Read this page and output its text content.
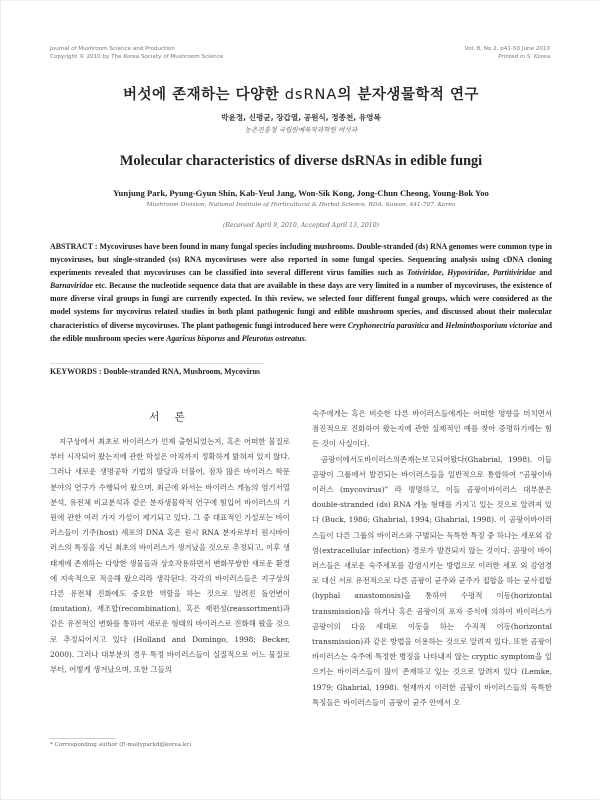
Journal of Mushroom Science and Production
Copyright © 2010 by The Korea Society of Mushroom Science
Vol. 8, No 2, p41-50 June 2010
Printed in S. Korea
버섯에 존재하는 다양한 dsRNA의 분자생물학적 연구
박윤정, 신평균, 장갑열, 공원식, 정종천, 유영복
농촌진흥청 국립원예특작과학원 버섯과
Molecular characteristics of diverse dsRNAs in edible fungi
Yunjung Park, Pyung-Gyun Shin, Kab-Yeul Jang, Won-Sik Kong, Jong-Chun Cheong, Young-Bok Yoo
Mushroom Division, National Institute of Horticultural & Herbal Science, RDA, Suwon, 441-707, Korea
(Received April 9, 2010, Accepted April 13, 2010)
ABSTRACT : Mycoviruses have been found in many fungal species including mushrooms. Double-stranded (ds) RNA genomes were common type in mycoviruses, but single-stranded (ss) RNA mycoviruses were also reported in some fungal species. Sequencing analysis using cDNA cloning experiments revealed that mycoviruses can be classified into several different virus families such as Totiviridae, Hypoviridae, Partitiviridae and Barnaviridae etc. Because the nucleotide sequence data that are available in these days are very limited in a number of mycoviruses, the existence of more diverse viral groups in fungi are currently expected. In this review, we selected four different fungal groups, which were considered as the model systems for mycovirus related studies in both plant pathogenic fungi and edible mushroom species, and discussed about their molecular characteristics of diverse mycoviruses. The plant pathogenic fungi introduced here were Cryphonectria parasitica and Helminthosporium victoriae and the edible mushroom species were Agaricus bisporus and Pleurotus ostreatus.
KEYWORDS : Double-stranded RNA, Mushroom, Mycovirus
서 론

지구상에서 최초로 바이러스가 언제 출현되었는지, 혹은 어떠한 물질로부터 시작되어 왔는지에 관한 학설은 아직까지 정확하게 밝혀져 있지 않다. 그러나 새로운 생명공학 기법의 발달과 더불어, 점차 많은 바이러스 학문 분야의 연구가 수행되어 왔으며, 최근에 와서는 바이러스 게놈의 염기서열 분석, 유전체 비교분석과 같은 분자생물학적 연구에 힘입어 바이러스의 기원에 관한 여러 가지 가설이 제기되고 있다. 그 중 대표적인 가설로는 바이러스들이 기주(host) 세포의 DNA 혹은 원시 RNA 분자로부터 원시바이러스의 특징을 지닌 최초의 바이러스가 생겨났을 것으로 추정되고, 이후 생태계에 존재하는 다양한 생물들과 상호작용하면서 변화무쌍한 새로운 환경에 지속적으로 적응해 왔으리라 생각된다. 각각의 바이러스들은 지구상의 다른 유전체 진화에도 중요한 역할을 하는 것으로 알려진 돌연변이(mutation), 재조합(recombination), 혹은 재편성(reassortment)과 같은 유전적인 변화를 통하여 새로운 형태의 바이러스로 진화해 왔을 것으로 추정되어지고 있다 (Holland and Domingo, 1998; Becker, 2000). 그러나 대부분의 경우 특정 바이러스들이 실질적으로 어느 물질로부터, 어떻게 생겨났으며, 또한 그들의

숙주에게는 혹은 비슷한 다른 바이러스들에게는 어떠한 영향을 미치면서 점진적으로 진화하여 왔는지에 관한 실제적인 예를 찾아 증명하기에는 힘든 것이 사실이다.

곰팡이에서도바이러스의존재는보고되어왔다(Ghabrial, 1998). 이들 곰팡이 그룹에서 발견되는 바이러스들을 일반적으로 통합하여 “곰팡이바이러스 (mycovirus)” 라 명명하고, 이들 곰팡이바이러스 대부분은 double-stranded (ds) RNA 게놈 형태를 가지고 있는 것으로 알려져 있다 (Buck, 1986; Ghabrial, 1994; Ghabrial, 1998). 이 곰팡이바이러스들이 다른 그룹의 바이러스와 구별되는 독특한 특징 중 하나는 세포외 감염(extracellular infection) 경로가 발견되지 않는 것이다. 곰팡이 바이러스들은 새로운 숙주세포를 감염시키는 방법으로 이러한 세포 외 감염경로 대신 서로 유전적으로 다른 곰팡이 균주와 균주가 접합을 하는 균사접합(hyphal anastomosis)을 통하여 수평적 이동(horizontal transmission)을 하거나 혹은 곰팡이의 포자 증식에 의하여 바이러스가 곰팡이의 다음 세대로 이동을 하는 수직적 이동(horizontal transmission)과 같은 방법을 이용하는 것으로 알려져 있다. 또한 곰팡이 바이러스는 숙주에 특정한 병징을 나타내지 않는 cryptic symptom을 일으키는 바이러스들이 많이 존재하고 있는 것으로 알려져 있다 (Lemke, 1979; Ghabrial, 1998). 현재까지 이러한 곰팡이 바이러스들의 독특한 특징들은 바이러스들이 곰팡이 균주 안에서 오

* Corresponding author (E-mailyparkd@korea.kr)
